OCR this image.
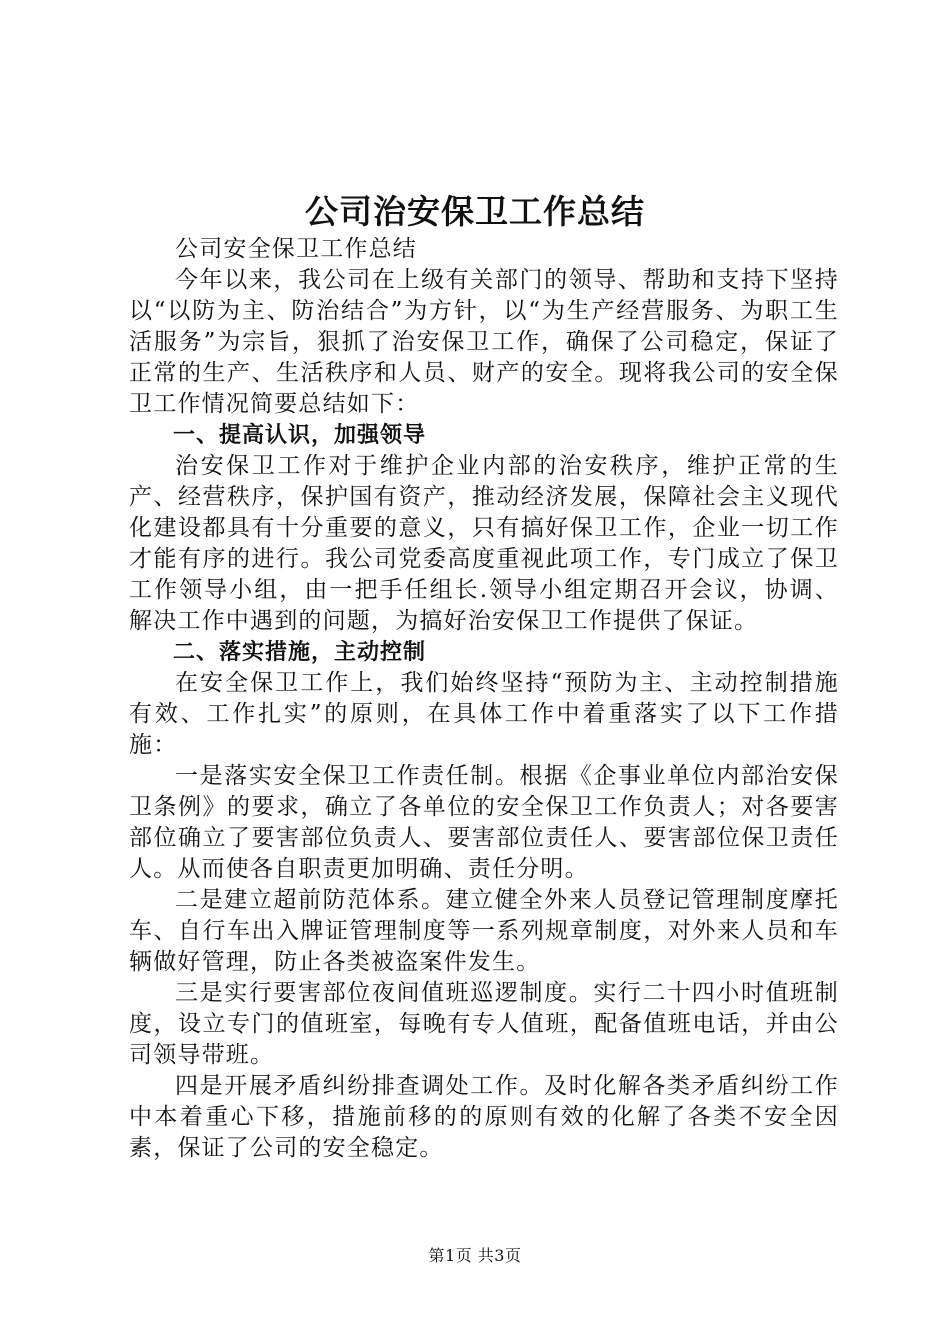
公司治安保卫工作总结

公司安全保卫工作总结

今年以来，我公司在上级有关部门的领导、帮助和支持下坚持以“以防为主、防治结合”为方针，以“为生产经营服务、为职工生活服务”为宗旨，狠抓了治安保卫工作，确保了公司稳定，保证了正常的生产、生活秩序和人员、财产的安全。现将我公司的安全保卫工作情况简要总结如下：

一、提高认识，加强领导

治安保卫工作对于维护企业内部的治安秩序，维护正常的生产、经营秩序，保护国有资产，推动经济发展，保障社会主义现代化建设都具有十分重要的意义，只有搞好保卫工作，企业一切工作才能有序的进行。我公司党委高度重视此项工作，专门成立了保卫工作领导小组，由一把手任组长.领导小组定期召开会议，协调、解决工作中遇到的问题，为搞好治安保卫工作提供了保证。

二、落实措施，主动控制

在安全保卫工作上，我们始终坚持“预防为主、主动控制措施有效、工作扎实”的原则，在具体工作中着重落实了以下工作措施：

一是落实安全保卫工作责任制。根据《企事业单位内部治安保卫条例》的要求，确立了各单位的安全保卫工作负责人；对各要害部位确立了要害部位负责人、要害部位责任人、要害部位保卫责任人。从而使各自职责更加明确、责任分明。

二是建立超前防范体系。建立健全外来人员登记管理制度摩托车、自行车出入牌证管理制度等一系列规章制度，对外来人员和车辆做好管理，防止各类被盗案件发生。

三是实行要害部位夜间值班巡逻制度。实行二十四小时值班制度，设立专门的值班室，每晚有专人值班，配备值班电话，并由公司领导带班。

四是开展矛盾纠纷排查调处工作。及时化解各类矛盾纠纷工作中本着重心下移，措施前移的的原则有效的化解了各类不安全因素，保证了公司的安全稳定。

第1页 共3页
